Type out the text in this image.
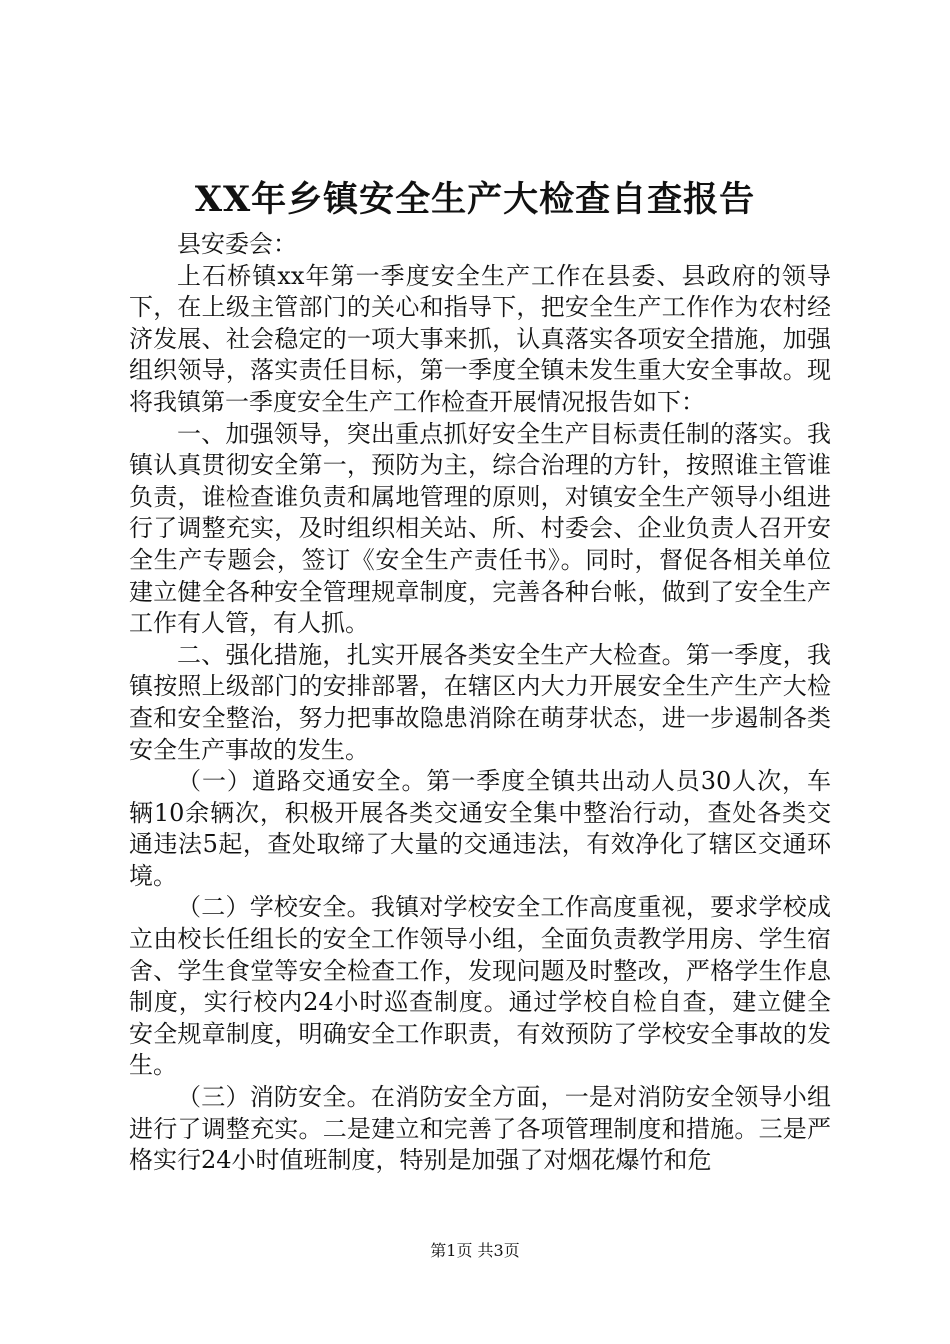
XX年乡镇安全生产大检查自查报告

县安委会：

上石桥镇xx年第一季度安全生产工作在县委、县政府的领导下，在上级主管部门的关心和指导下，把安全生产工作作为农村经济发展、社会稳定的一项大事来抓，认真落实各项安全措施，加强组织领导，落实责任目标，第一季度全镇未发生重大安全事故。现将我镇第一季度安全生产工作检查开展情况报告如下：

一、加强领导，突出重点抓好安全生产目标责任制的落实。我镇认真贯彻安全第一，预防为主，综合治理的方针，按照谁主管谁负责，谁检查谁负责和属地管理的原则，对镇安全生产领导小组进行了调整充实，及时组织相关站、所、村委会、企业负责人召开安全生产专题会，签订《安全生产责任书》。同时，督促各相关单位建立健全各种安全管理规章制度，完善各种台帐，做到了安全生产工作有人管，有人抓。

二、强化措施，扎实开展各类安全生产大检查。第一季度，我镇按照上级部门的安排部署，在辖区内大力开展安全生产生产大检查和安全整治，努力把事故隐患消除在萌芽状态，进一步遏制各类安全生产事故的发生。

（一）道路交通安全。第一季度全镇共出动人员30人次，车辆10余辆次，积极开展各类交通安全集中整治行动，查处各类交通违法5起，查处取缔了大量的交通违法，有效净化了辖区交通环境。

（二）学校安全。我镇对学校安全工作高度重视，要求学校成立由校长任组长的安全工作领导小组，全面负责教学用房、学生宿舍、学生食堂等安全检查工作，发现问题及时整改，严格学生作息制度，实行校内24小时巡查制度。通过学校自检自查，建立健全安全规章制度，明确安全工作职责，有效预防了学校安全事故的发生。

（三）消防安全。在消防安全方面，一是对消防安全领导小组进行了调整充实。二是建立和完善了各项管理制度和措施。三是严格实行24小时值班制度，特别是加强了对烟花爆竹和危

第1页 共3页
